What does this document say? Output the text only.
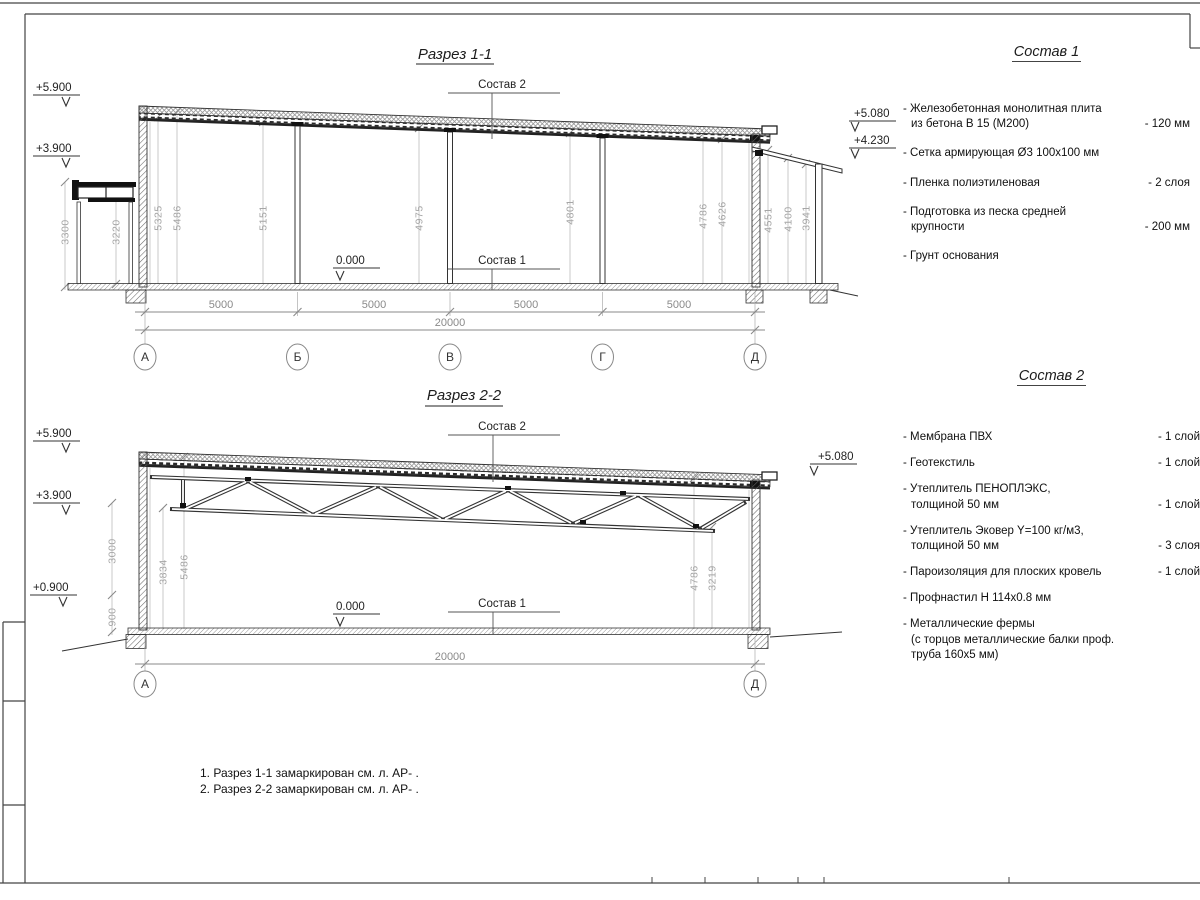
Разрез 1-1
Состав 2
Состав 1
+5.900
+3.900
+5.080
+4.230
0.000
3300	3220
5325 5486	5151	4975	4801	4786 4626	4551 4100 3941
5000	5000	5000	5000
20000
А	Б	В	Г	Д
Разрез 2-2
Состав 2
Состав 1
+5.900
+3.900
+0.900
+5.080
0.000
3000
900
3834 5486	4786 3219
20000
А	Д
Состав 1
- Железобетонная монолитная плита
из бетона В 15 (М200)	- 120 мм
- Сетка армирующая Ø3 100x100 мм
- Пленка полиэтиленовая	- 2 слоя
- Подготовка из песка средней
крупности	- 200 мм
- Грунт основания
Состав 2
- Мембрана ПВХ	- 1 слой
- Геотекстиль	- 1 слой
- Утеплитель ПЕНОПЛЭКС,
толщиной 50 мм	- 1 слой
- Утеплитель Эковер Y=100 кг/м3,
толщиной 50 мм	- 3 слоя
- Пароизоляция для плоских кровель	- 1 слой
- Профнастил Н 114х0.8 мм
- Металлические фермы
(с торцов металлические балки проф.
труба 160х5 мм)
1. Разрез 1-1 замаркирован см. л. АР- .
2. Разрез 2-2 замаркирован см. л. АР- .
